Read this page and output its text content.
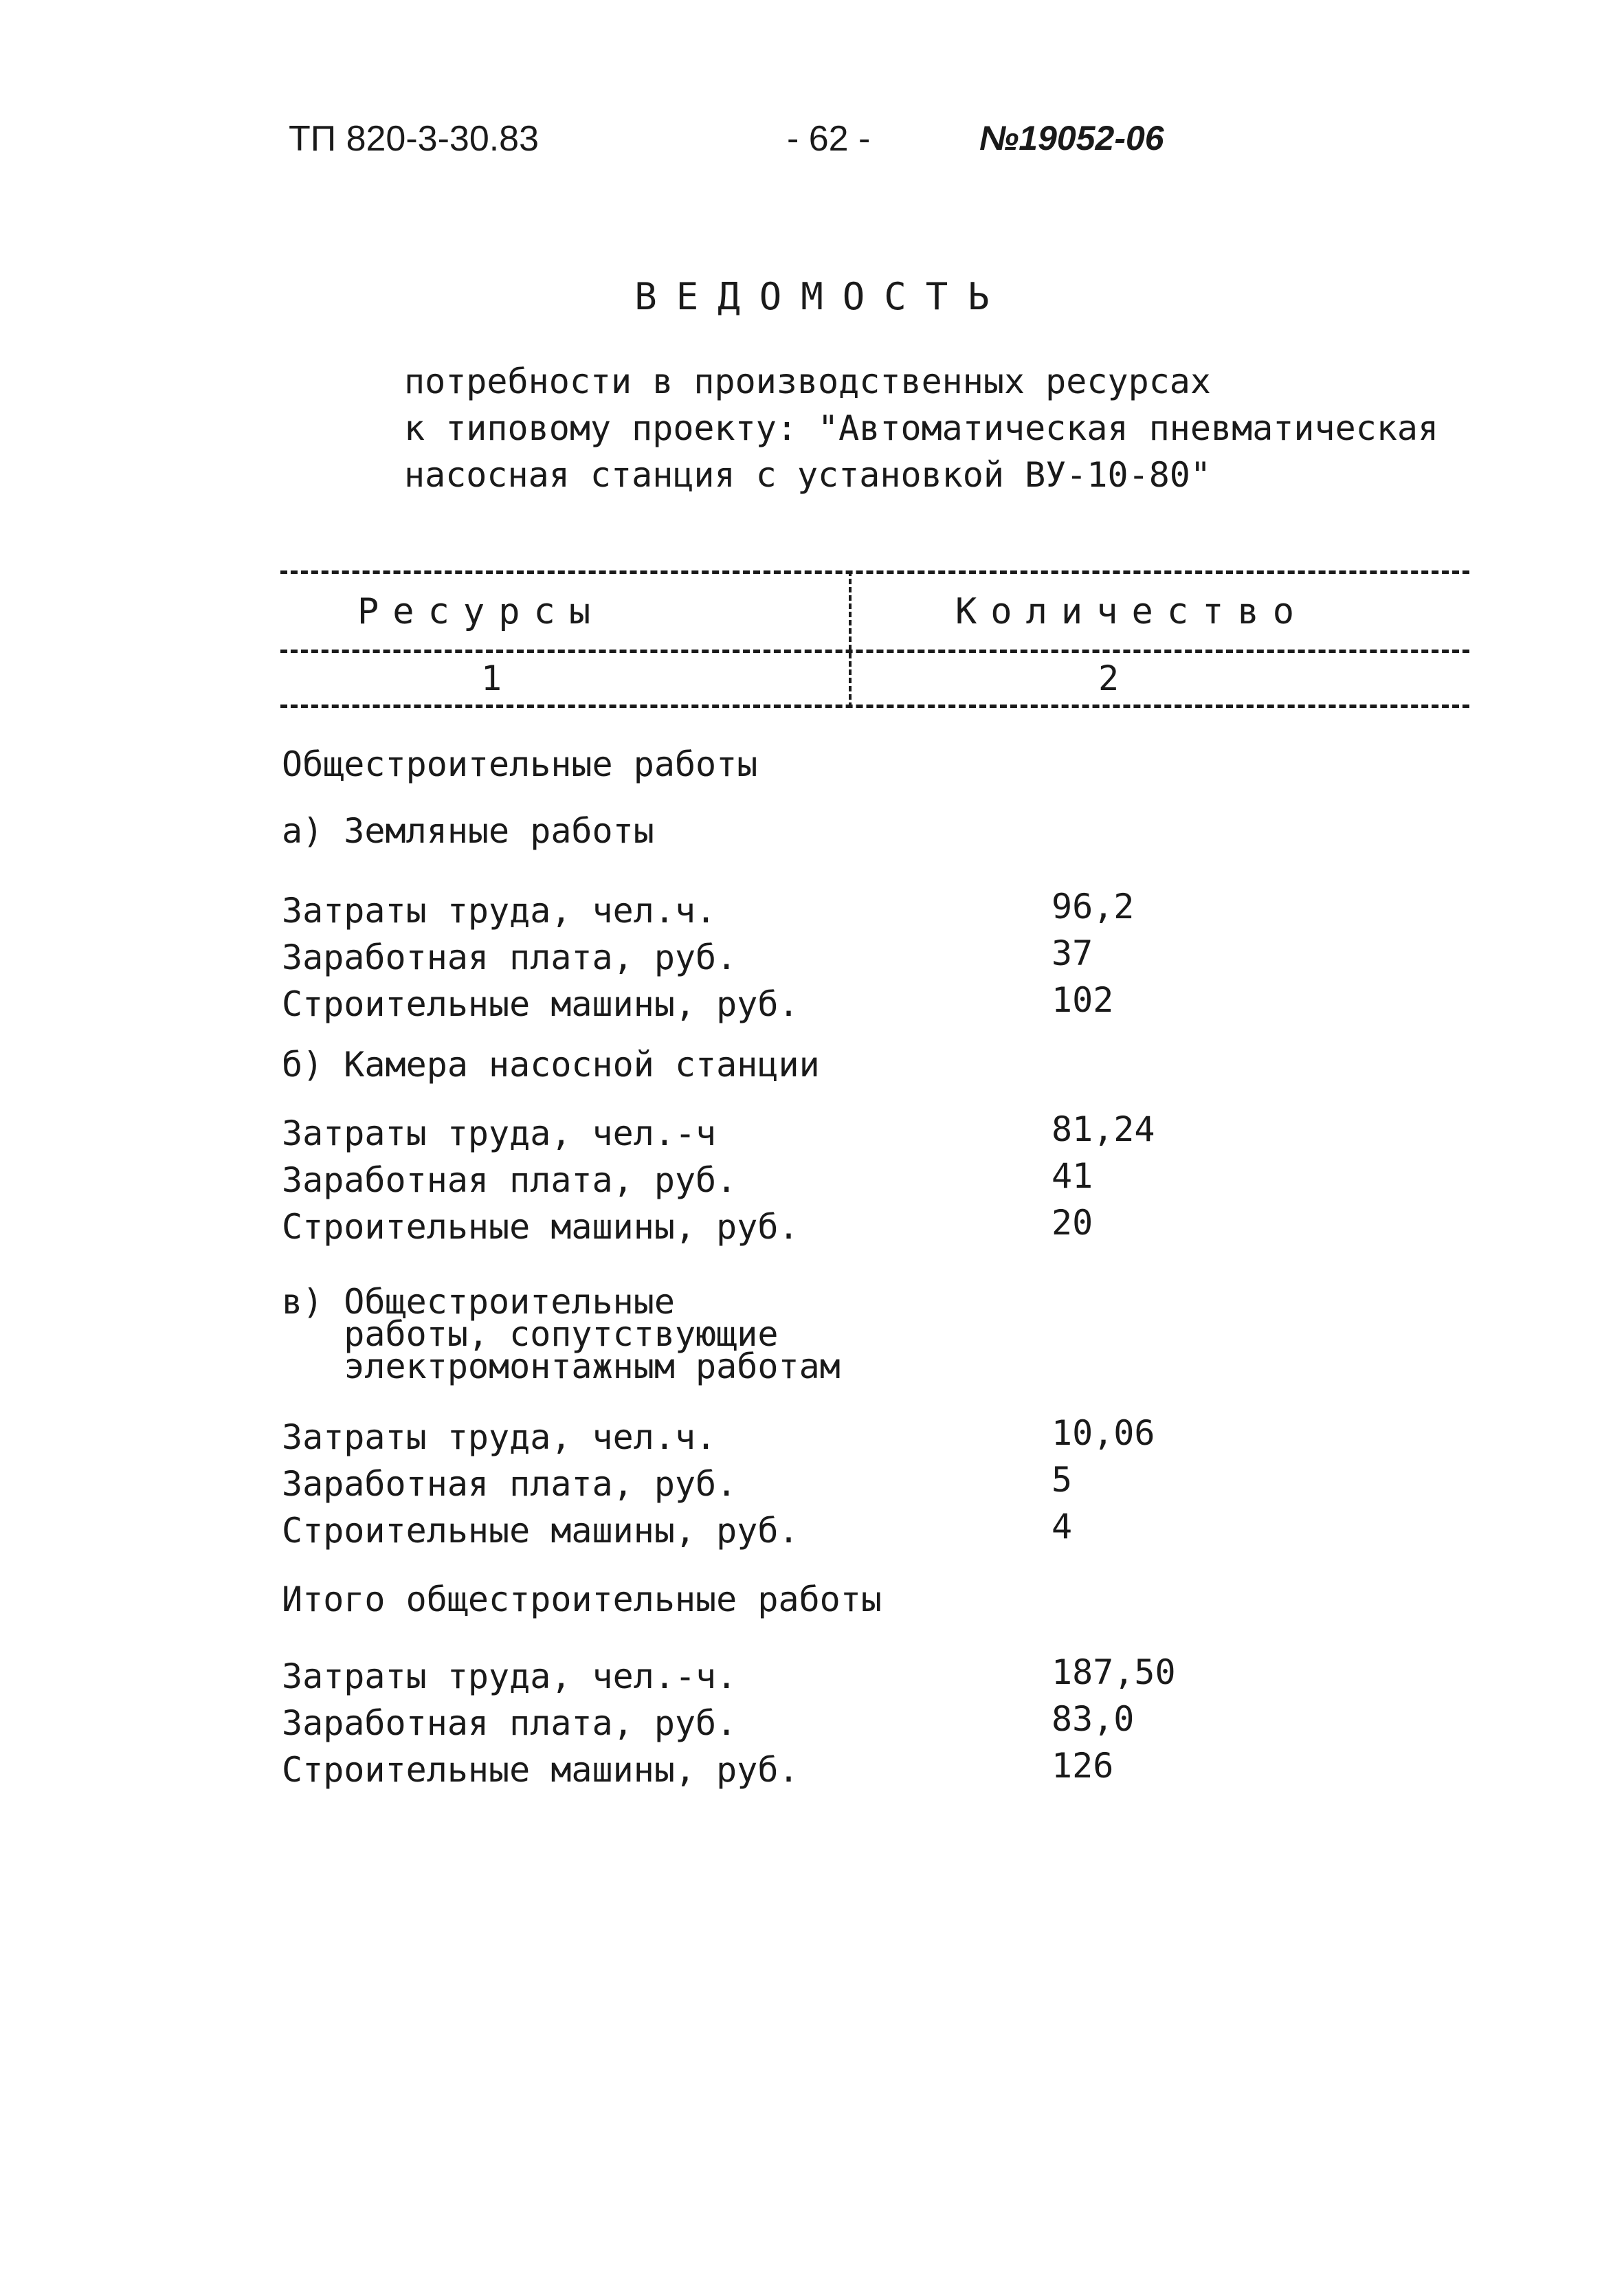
ТП 820-3-30.83	- 62 -	№19052-06
ВЕДОМОСТЬ
потребности в производственных ресурсах
к типовому проекту: "Автоматическая пневматическая
насосная станция с установкой ВУ-10-80"
Ресурсы	Количество
1	2
Общестроительные работы
а) Земляные работы
Затраты труда, чел.ч.	96,2
Заработная плата, руб.	37
Строительные машины, руб.	102
б) Камера насосной станции
Затраты труда, чел.-ч	81,24
Заработная плата, руб.	41
Строительные машины, руб.	20
в) Общестроительные
работы, сопутствующие
электромонтажным работам
Затраты труда, чел.ч.	10,06
Заработная плата, руб.	5
Строительные машины, руб.	4
Итого общестроительные работы
Затраты труда, чел.-ч.	187,50
Заработная плата, руб.	83,0
Строительные машины, руб.	126
